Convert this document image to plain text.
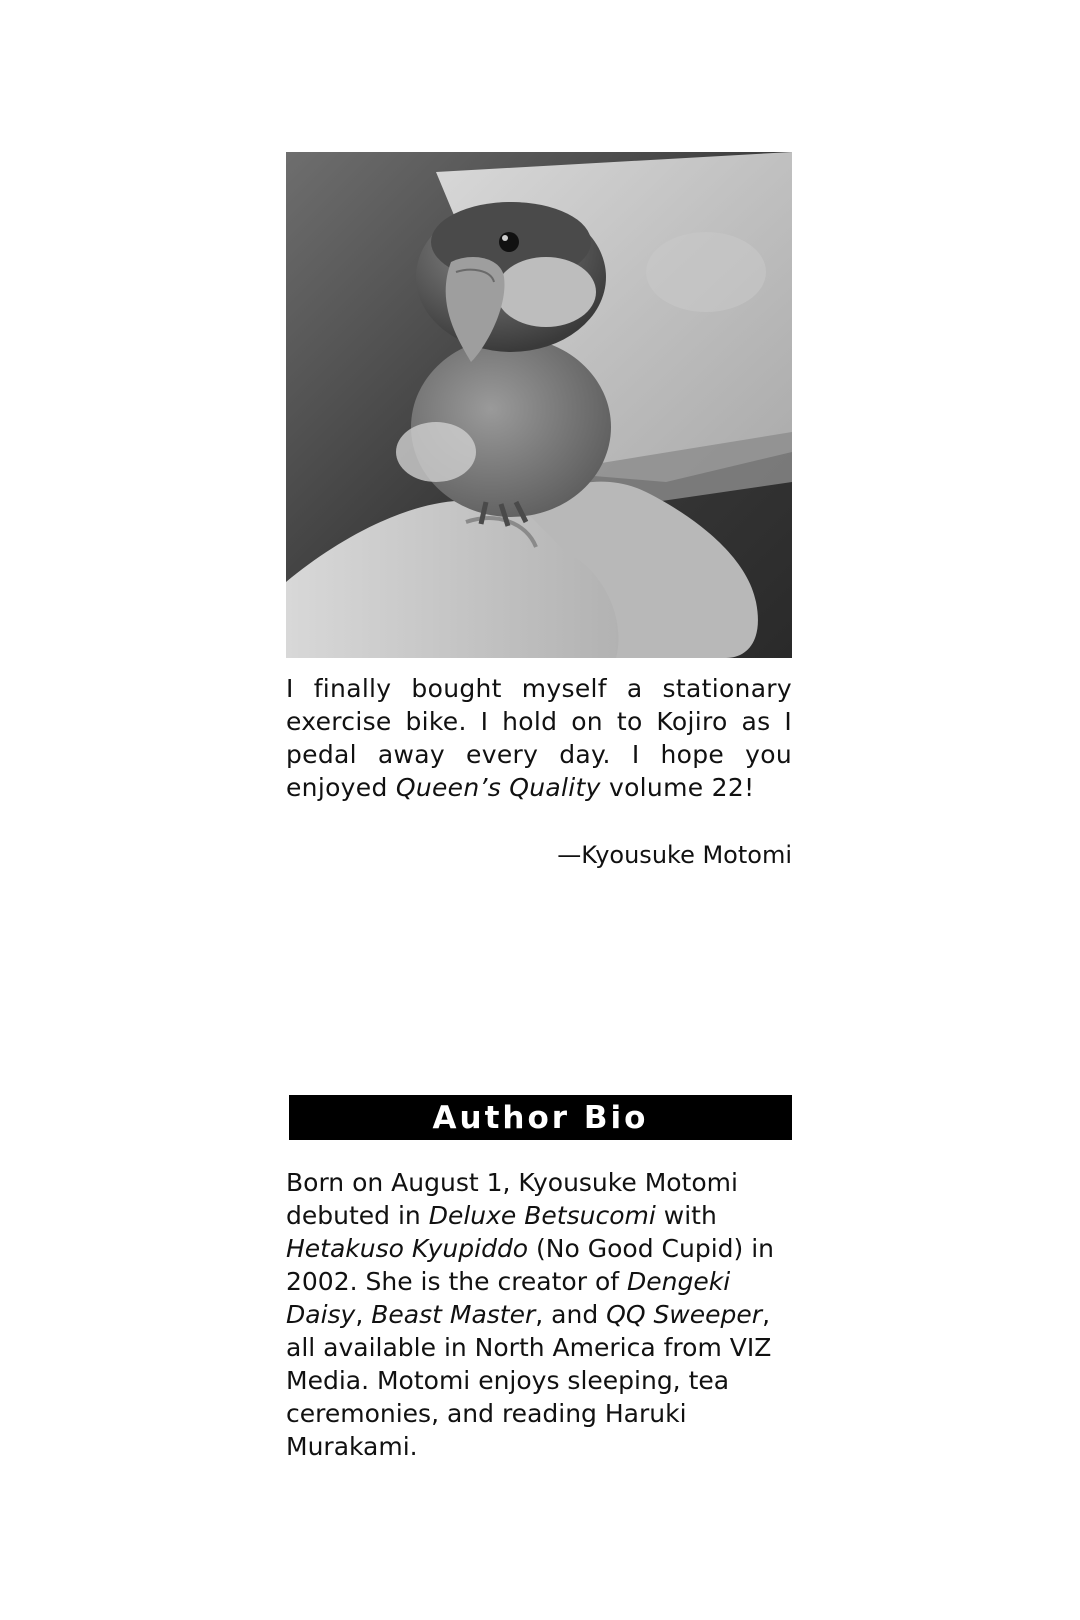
I finally bought myself a stationary exercise bike. I hold on to Kojiro as I pedal away every day. I hope you enjoyed Queen’s Quality volume 22!
—Kyousuke Motomi
Author Bio

Born on August 1, Kyousuke Motomi debuted in Deluxe Betsucomi with Hetakuso Kyupiddo (No Good Cupid) in 2002. She is the creator of Dengeki Daisy, Beast Master, and QQ Sweeper, all available in North America from VIZ Media. Motomi enjoys sleeping, tea ceremonies, and reading Haruki Murakami.
